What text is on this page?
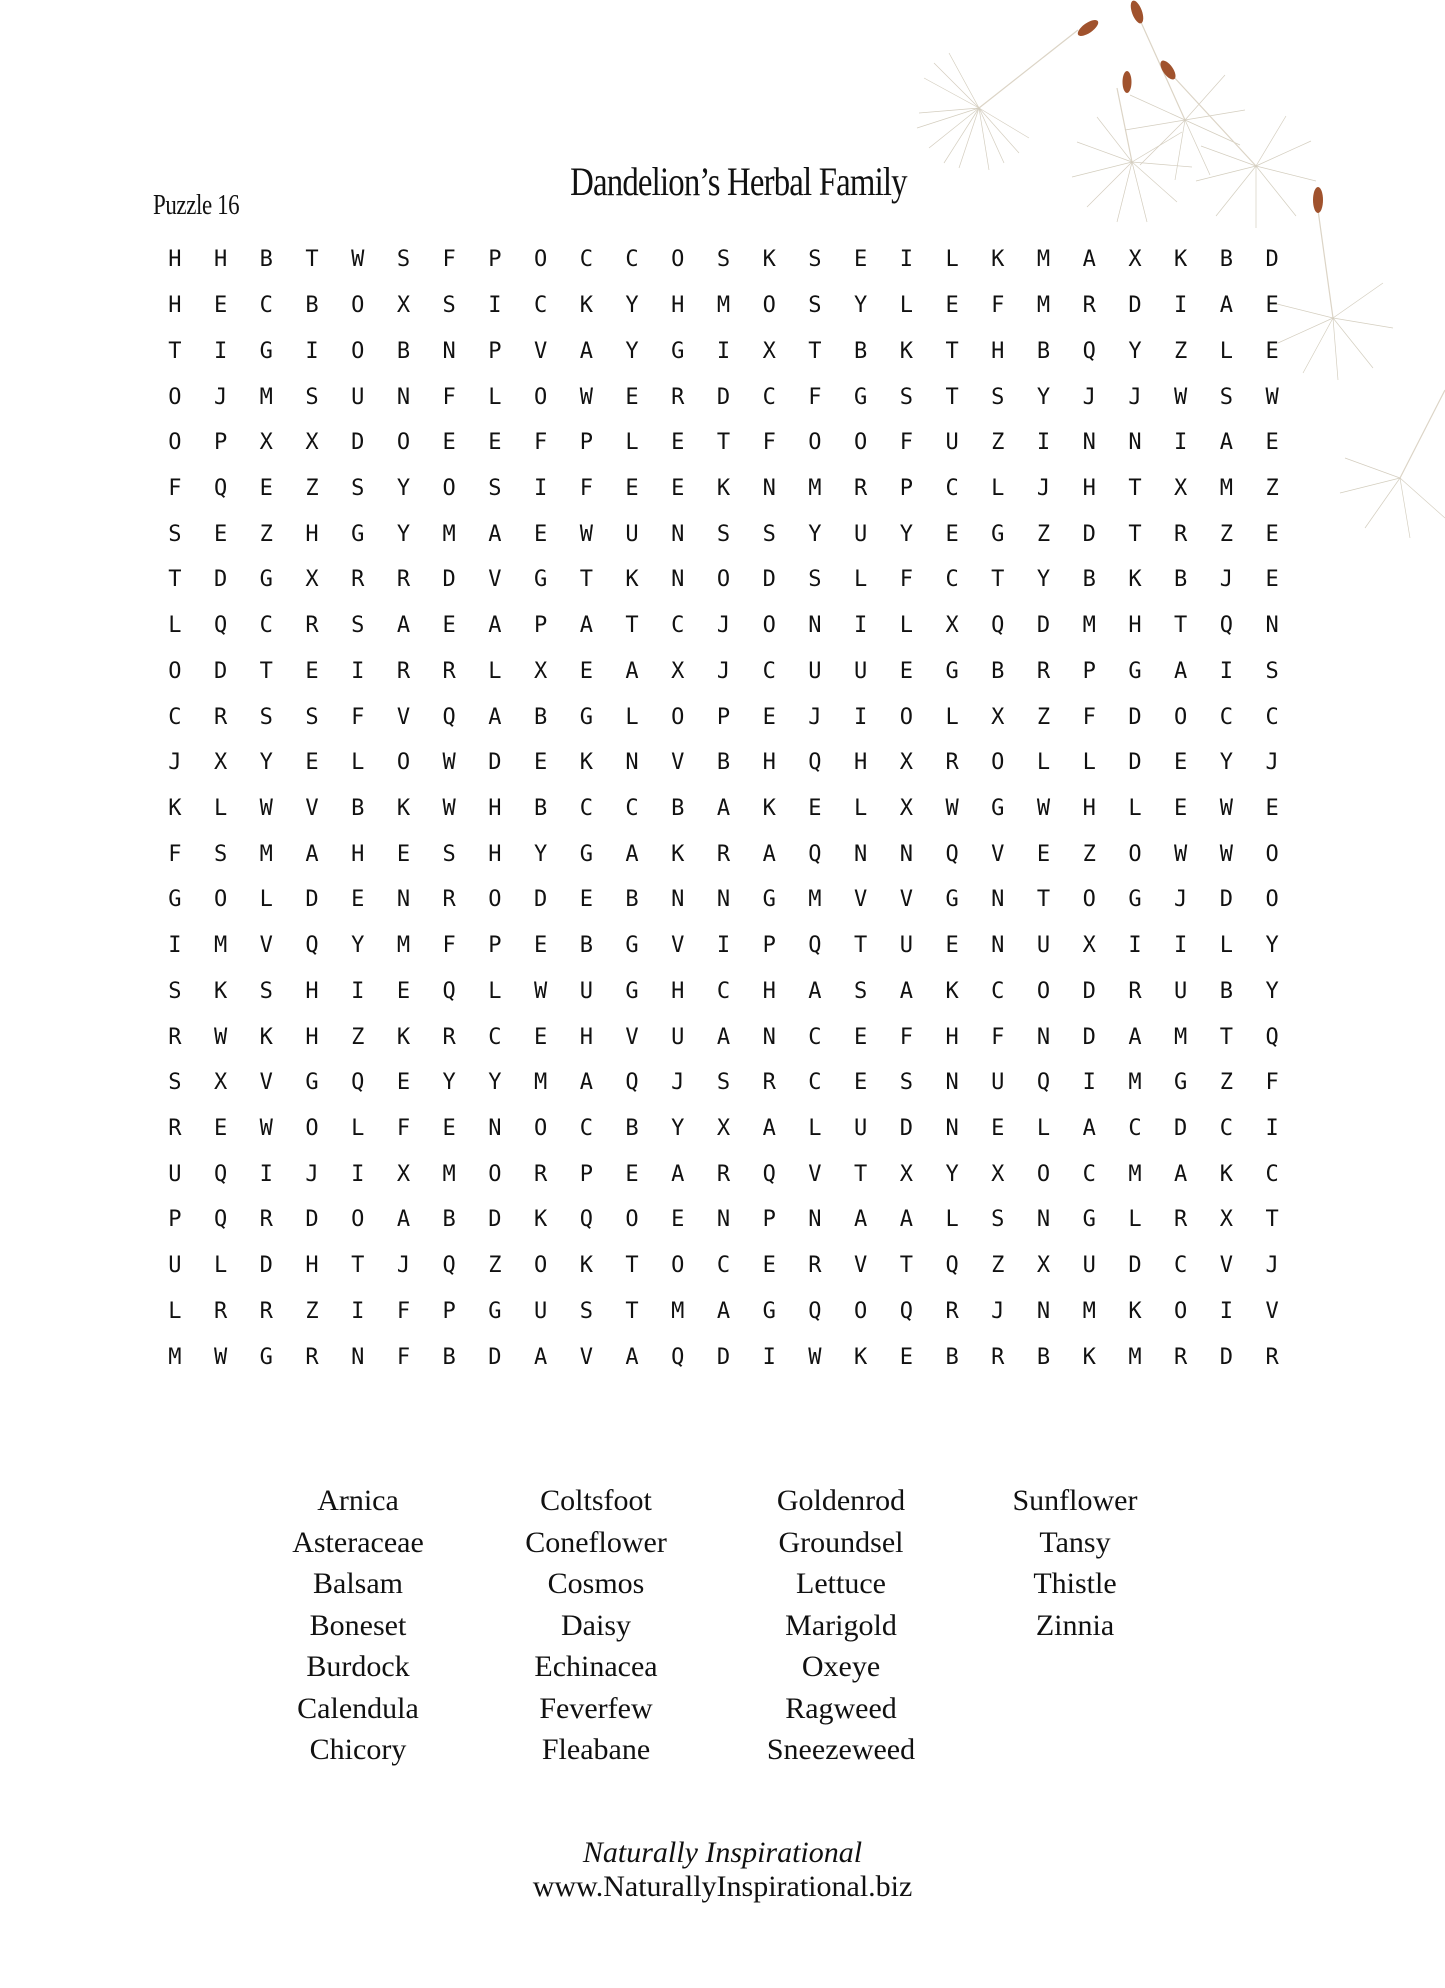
Dandelion’s Herbal Family
Puzzle 16
H	H	B	T	W	S	F	P	O	C	C	O	S	K	S	E	I	L	K	M	A	X	K	B	D
H	E	C	B	O	X	S	I	C	K	Y	H	M	O	S	Y	L	E	F	M	R	D	I	A	E
T	I	G	I	O	B	N	P	V	A	Y	G	I	X	T	B	K	T	H	B	Q	Y	Z	L	E
O	J	M	S	U	N	F	L	O	W	E	R	D	C	F	G	S	T	S	Y	J	J	W	S	W
O	P	X	X	D	O	E	E	F	P	L	E	T	F	O	O	F	U	Z	I	N	N	I	A	E
F	Q	E	Z	S	Y	O	S	I	F	E	E	K	N	M	R	P	C	L	J	H	T	X	M	Z
S	E	Z	H	G	Y	M	A	E	W	U	N	S	S	Y	U	Y	E	G	Z	D	T	R	Z	E
T	D	G	X	R	R	D	V	G	T	K	N	O	D	S	L	F	C	T	Y	B	K	B	J	E
L	Q	C	R	S	A	E	A	P	A	T	C	J	O	N	I	L	X	Q	D	M	H	T	Q	N
O	D	T	E	I	R	R	L	X	E	A	X	J	C	U	U	E	G	B	R	P	G	A	I	S
C	R	S	S	F	V	Q	A	B	G	L	O	P	E	J	I	O	L	X	Z	F	D	O	C	C
J	X	Y	E	L	O	W	D	E	K	N	V	B	H	Q	H	X	R	O	L	L	D	E	Y	J
K	L	W	V	B	K	W	H	B	C	C	B	A	K	E	L	X	W	G	W	H	L	E	W	E
F	S	M	A	H	E	S	H	Y	G	A	K	R	A	Q	N	N	Q	V	E	Z	O	W	W	O
G	O	L	D	E	N	R	O	D	E	B	N	N	G	M	V	V	G	N	T	O	G	J	D	O
I	M	V	Q	Y	M	F	P	E	B	G	V	I	P	Q	T	U	E	N	U	X	I	I	L	Y
S	K	S	H	I	E	Q	L	W	U	G	H	C	H	A	S	A	K	C	O	D	R	U	B	Y
R	W	K	H	Z	K	R	C	E	H	V	U	A	N	C	E	F	H	F	N	D	A	M	T	Q
S	X	V	G	Q	E	Y	Y	M	A	Q	J	S	R	C	E	S	N	U	Q	I	M	G	Z	F
R	E	W	O	L	F	E	N	O	C	B	Y	X	A	L	U	D	N	E	L	A	C	D	C	I
U	Q	I	J	I	X	M	O	R	P	E	A	R	Q	V	T	X	Y	X	O	C	M	A	K	C
P	Q	R	D	O	A	B	D	K	Q	O	E	N	P	N	A	A	L	S	N	G	L	R	X	T
U	L	D	H	T	J	Q	Z	O	K	T	O	C	E	R	V	T	Q	Z	X	U	D	C	V	J
L	R	R	Z	I	F	P	G	U	S	T	M	A	G	Q	O	Q	R	J	N	M	K	O	I	V
M	W	G	R	N	F	B	D	A	V	A	Q	D	I	W	K	E	B	R	B	K	M	R	D	R
Arnica
Asteraceae
Balsam
Boneset
Burdock
Calendula
Chicory
Coltsfoot
Coneflower
Cosmos
Daisy
Echinacea
Feverfew
Fleabane
Goldenrod
Groundsel
Lettuce
Marigold
Oxeye
Ragweed
Sneezeweed
Sunflower
Tansy
Thistle
Zinnia
Naturally Inspirational
www.NaturallyInspirational.biz
